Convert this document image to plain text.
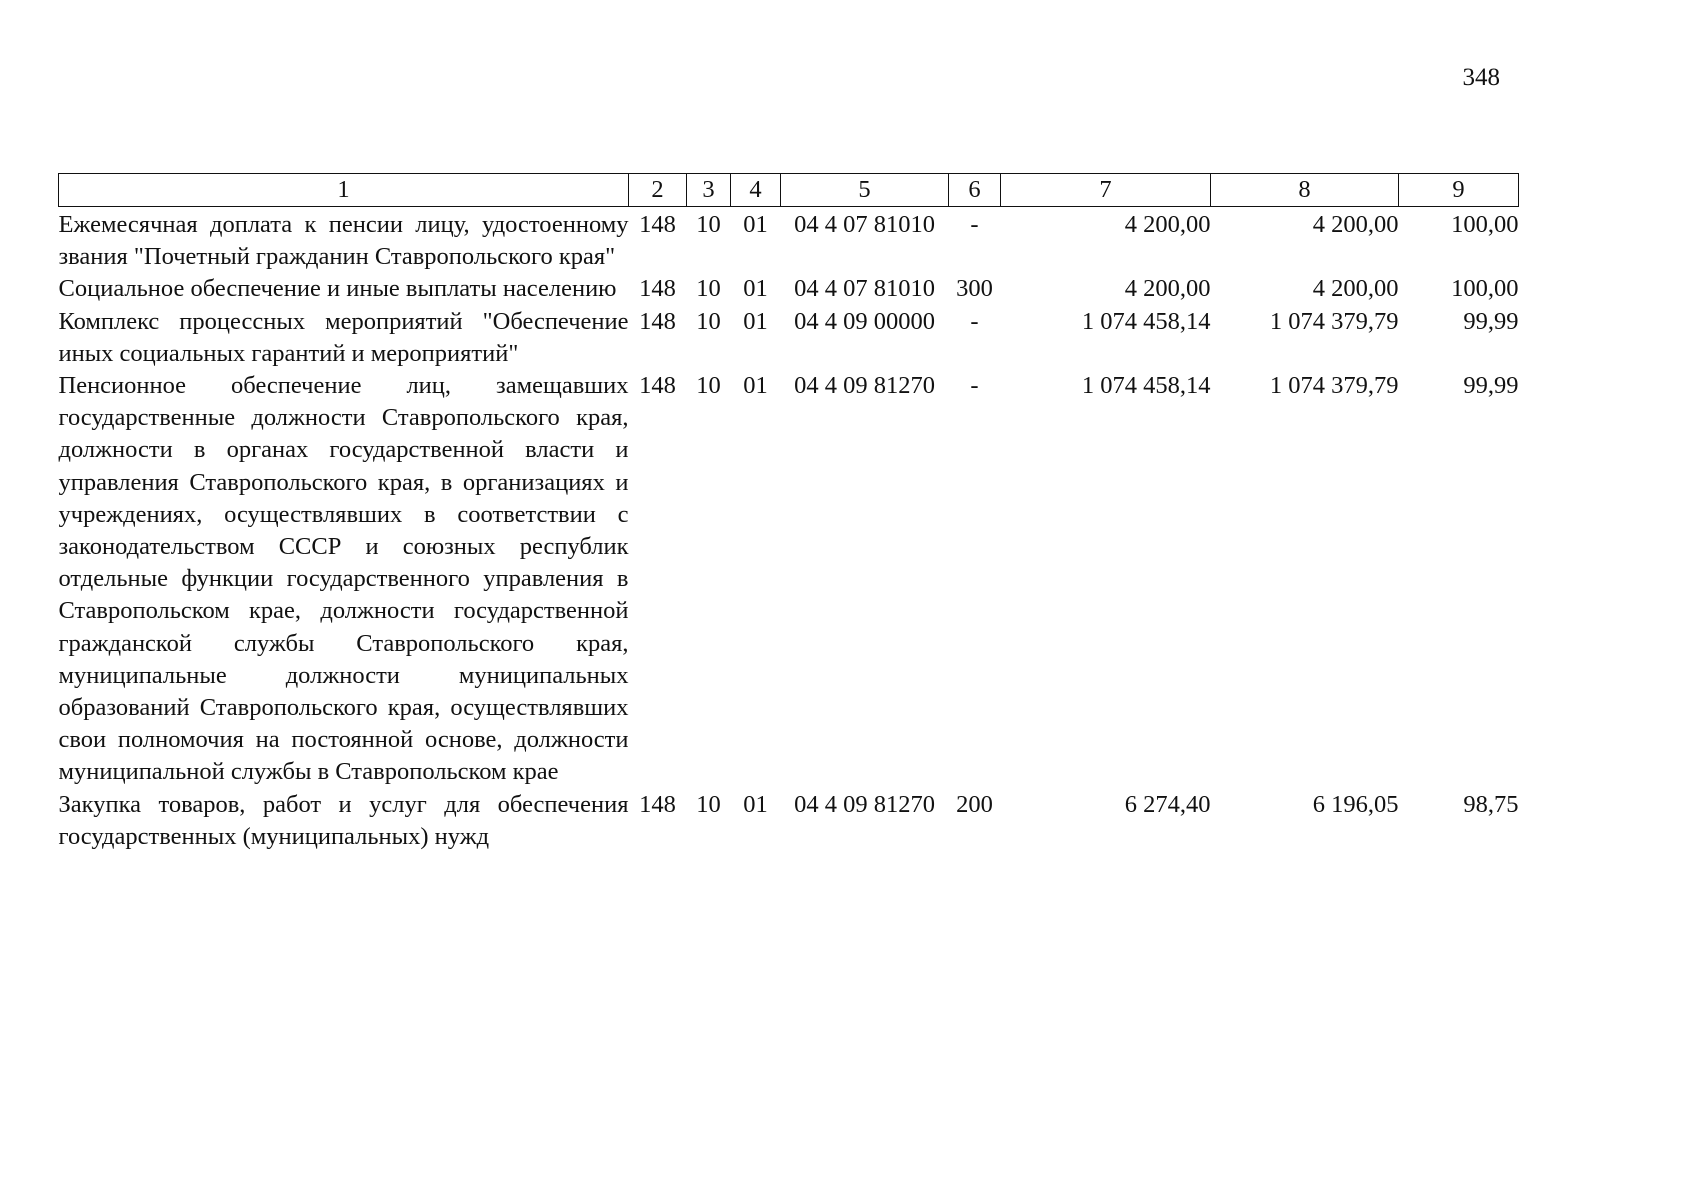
348
1	2	3	4	5	6	7	8	9
Ежемесячная доплата к пенсии лицу, удостоенному звания "Почетный гражданин Ставропольского края"	148	10	01	04 4 07 81010	-	4 200,00	4 200,00	100,00
Социальное обеспечение и иные выплаты населению	148	10	01	04 4 07 81010	300	4 200,00	4 200,00	100,00
Комплекс процессных мероприятий "Обеспечение иных социальных гарантий и мероприятий"	148	10	01	04 4 09 00000	-	1 074 458,14	1 074 379,79	99,99
Пенсионное обеспечение лиц, замещавших государственные должности Ставропольского края, должности в органах государственной власти и управления Ставропольского края, в организациях и учреждениях, осуществлявших в соответствии с законодательством СССР и союзных республик отдельные функции государственного управления в Ставропольском крае, должности государственной гражданской службы Ставропольского края, муниципальные должности муниципальных образований Ставропольского края, осуществлявших свои полномочия на постоянной основе, должности муниципальной службы в Ставропольском крае	148	10	01	04 4 09 81270	-	1 074 458,14	1 074 379,79	99,99
Закупка товаров, работ и услуг для обеспечения государственных (муниципальных) нужд	148	10	01	04 4 09 81270	200	6 274,40	6 196,05	98,75
